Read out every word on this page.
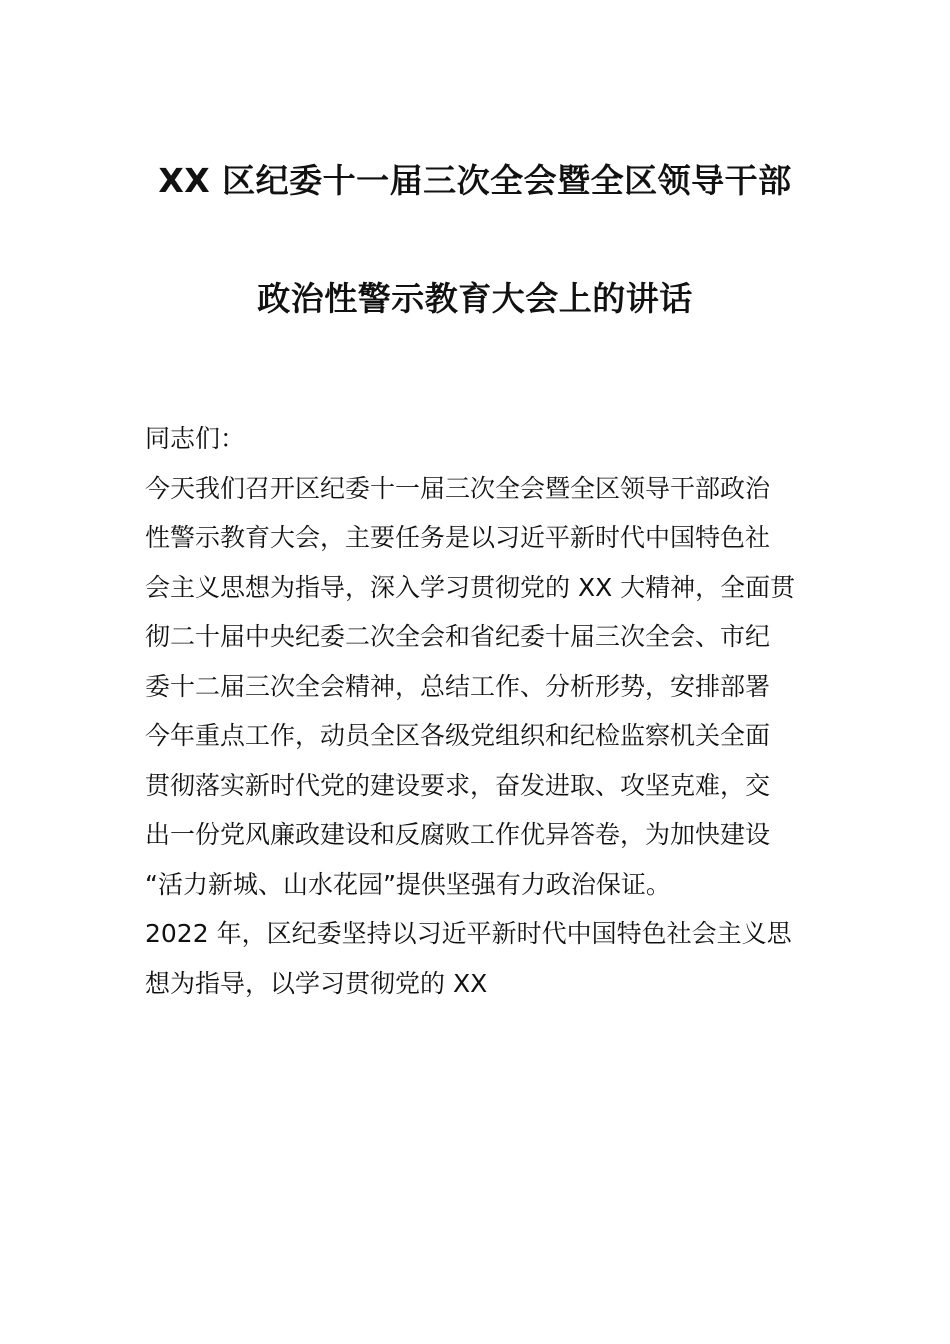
XX 区纪委十一届三次全会暨全区领导干部
政治性警示教育大会上的讲话
同志们：
今天我们召开区纪委十一届三次全会暨全区领导干部政治
性警示教育大会，主要任务是以习近平新时代中国特色社
会主义思想为指导，深入学习贯彻党的 XX 大精神，全面贯
彻二十届中央纪委二次全会和省纪委十届三次全会、市纪
委十二届三次全会精神，总结工作、分析形势，安排部署
今年重点工作，动员全区各级党组织和纪检监察机关全面
贯彻落实新时代党的建设要求，奋发进取、攻坚克难，交
出一份党风廉政建设和反腐败工作优异答卷，为加快建设
“活力新城、山水花园”提供坚强有力政治保证。
2022 年，区纪委坚持以习近平新时代中国特色社会主义思
想为指导，以学习贯彻党的 XX
